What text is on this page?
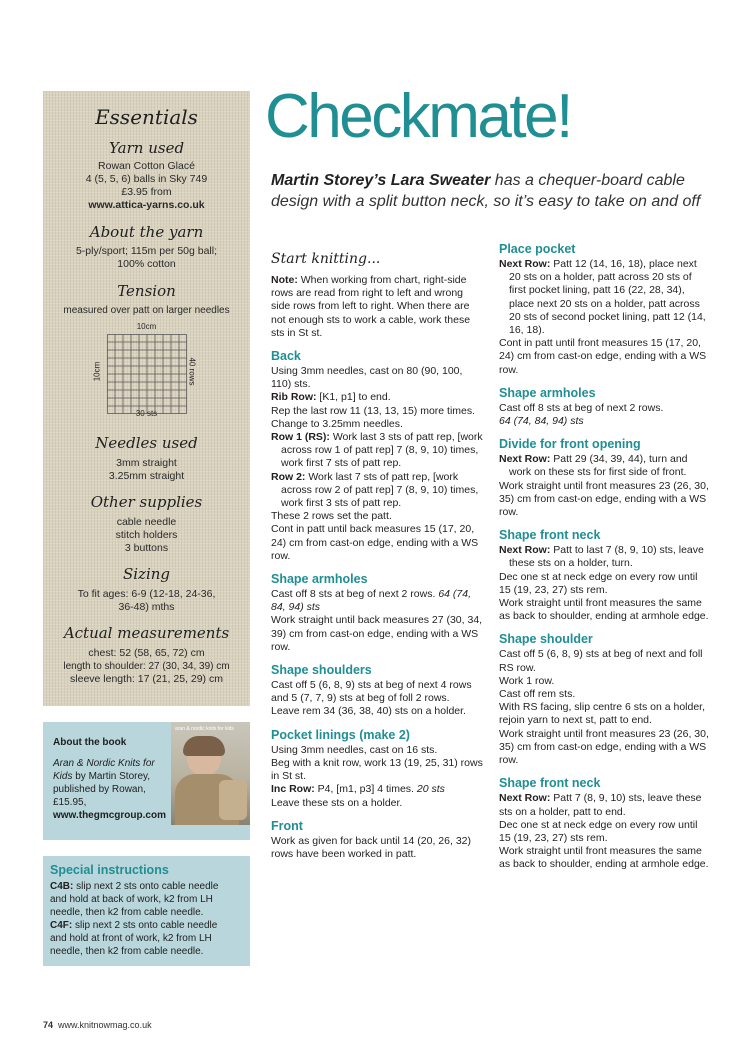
Essentials
Yarn used
Rowan Cotton Glacé
4 (5, 5, 6) balls in Sky 749
£3.95 from
www.attica-yarns.co.uk
About the yarn
5-ply/sport; 115m per 50g ball;
100% cotton
Tension
measured over patt on larger needles
10cm
10cm	40 rows
30 sts
Needles used
3mm straight
3.25mm straight
Other supplies
cable needle
stitch holders
3 buttons
Sizing
To fit ages: 6-9 (12-18, 24-36,
36-48) mths
Actual measurements
chest: 52 (58, 65, 72) cm
length to shoulder: 27 (30, 34, 39) cm
sleeve length: 17 (21, 25, 29) cm
About the book
Aran & Nordic Knits for
Kids by Martin Storey,
published by Rowan,
£15.95,
www.thegmcgroup.com
aran & nordic knits for kids
Special instructions
C4B: slip next 2 sts onto cable needle
and hold at back of work, k2 from LH
needle, then k2 from cable needle.
C4F: slip next 2 sts onto cable needle
and hold at front of work, k2 from LH
needle, then k2 from cable needle.
Checkmate!
Martin Storey’s Lara Sweater has a chequer-board cable design with a split button neck, so it’s easy to take on and off
Start knitting...

Note: When working from chart, right-side rows are read from right to left and wrong side rows from left to right. When there are not enough sts to work a cable, work these sts in St st.

Back

Using 3mm needles, cast on 80 (90, 100, 110) sts.

Rib Row: [K1, p1] to end.

Rep the last row 11 (13, 13, 15) more times.

Change to 3.25mm needles.

Row 1 (RS): Work last 3 sts of patt rep, [work across row 1 of patt rep] 7 (8, 9, 10) times, work first 7 sts of patt rep.

Row 2: Work last 7 sts of patt rep, [work across row 2 of patt rep] 7 (8, 9, 10) times, work first 3 sts of patt rep.

These 2 rows set the patt.

Cont in patt until back measures 15 (17, 20, 24) cm from cast-on edge, ending with a WS row.

Shape armholes

Cast off 8 sts at beg of next 2 rows. 64 (74, 84, 94) sts

Work straight until back measures 27 (30, 34, 39) cm from cast-on edge, ending with a WS row.

Shape shoulders

Cast off 5 (6, 8, 9) sts at beg of next 4 rows and 5 (7, 7, 9) sts at beg of foll 2 rows.

Leave rem 34 (36, 38, 40) sts on a holder.

Pocket linings (make 2)

Using 3mm needles, cast on 16 sts.

Beg with a knit row, work 13 (19, 25, 31) rows in St st.

Inc Row: P4, [m1, p3] 4 times. 20 sts

Leave these sts on a holder.

Front

Work as given for back until 14 (20, 26, 32) rows have been worked in patt.

Place pocket

Next Row: Patt 12 (14, 16, 18), place next 20 sts on a holder, patt across 20 sts of first pocket lining, patt 16 (22, 28, 34), place next 20 sts on a holder, patt across 20 sts of second pocket lining, patt 12 (14, 16, 18).

Cont in patt until front measures 15 (17, 20, 24) cm from cast-on edge, ending with a WS row.

Shape armholes

Cast off 8 sts at beg of next 2 rows.

64 (74, 84, 94) sts

Divide for front opening

Next Row: Patt 29 (34, 39, 44), turn and work on these sts for first side of front.

Work straight until front measures 23 (26, 30, 35) cm from cast-on edge, ending with a WS row.

Shape front neck

Next Row: Patt to last 7 (8, 9, 10) sts, leave these sts on a holder, turn.

Dec one st at neck edge on every row until 15 (19, 23, 27) sts rem.

Work straight until front measures the same as back to shoulder, ending at armhole edge.

Shape shoulder

Cast off 5 (6, 8, 9) sts at beg of next and foll RS row.

Work 1 row.

Cast off rem sts.

With RS facing, slip centre 6 sts on a holder, rejoin yarn to next st, patt to end.

Work straight until front measures 23 (26, 30, 35) cm from cast-on edge, ending with a WS row.

Shape front neck

Next Row: Patt 7 (8, 9, 10) sts, leave these sts on a holder, patt to end.

Dec one st at neck edge on every row until 15 (19, 23, 27) sts rem.

Work straight until front measures the same as back to shoulder, ending at armhole edge.

74 www.knitnowmag.co.uk
